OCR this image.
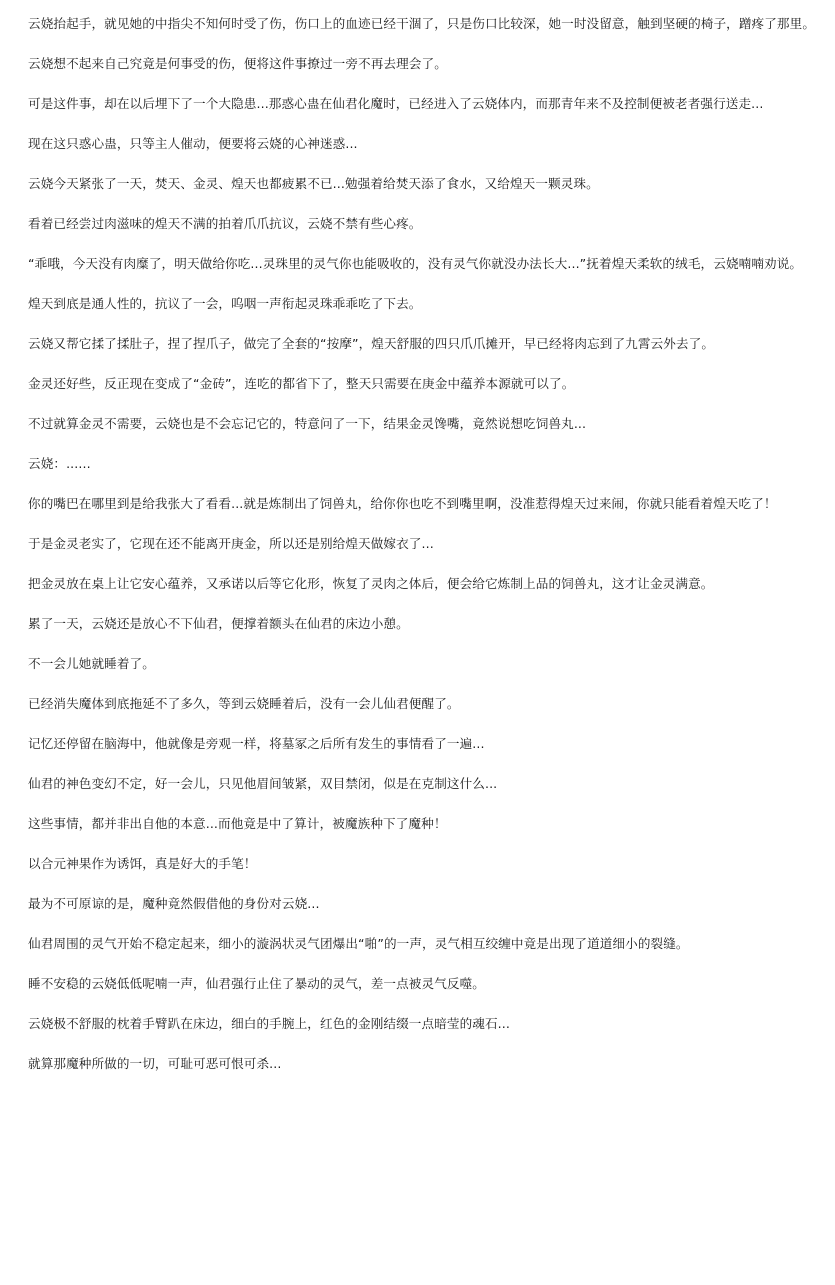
云娆抬起手，就见她的中指尖不知何时受了伤，伤口上的血迹已经干涸了，只是伤口比较深，她一时没留意，触到坚硬的椅子，蹭疼了那里。

云娆想不起来自己究竟是何事受的伤，便将这件事撩过一旁不再去理会了。

可是这件事，却在以后埋下了一个大隐患...那惑心蛊在仙君化魔时，已经进入了云娆体内，而那青年来不及控制便被老者强行送走...

现在这只惑心蛊，只等主人催动，便要将云娆的心神迷惑...

云娆今天紧张了一天，焚天、金灵、煌天也都疲累不已...勉强着给焚天添了食水，又给煌天一颗灵珠。

看着已经尝过肉滋味的煌天不满的拍着爪爪抗议，云娆不禁有些心疼。

“乖哦，今天没有肉糜了，明天做给你吃...灵珠里的灵气你也能吸收的，没有灵气你就没办法长大...”抚着煌天柔软的绒毛，云娆喃喃劝说。

煌天到底是通人性的，抗议了一会，呜咽一声衔起灵珠乖乖吃了下去。

云娆又帮它揉了揉肚子，捏了捏爪子，做完了全套的“按摩”，煌天舒服的四只爪爪摊开，早已经将肉忘到了九霄云外去了。

金灵还好些，反正现在变成了“金砖”，连吃的都省下了，整天只需要在庚金中蕴养本源就可以了。

不过就算金灵不需要，云娆也是不会忘记它的，特意问了一下，结果金灵馋嘴，竟然说想吃饲兽丸...

云娆：......

你的嘴巴在哪里到是给我张大了看看...就是炼制出了饲兽丸，给你你也吃不到嘴里啊，没准惹得煌天过来闹，你就只能看着煌天吃了！

于是金灵老实了，它现在还不能离开庚金，所以还是别给煌天做嫁衣了...

把金灵放在桌上让它安心蕴养，又承诺以后等它化形，恢复了灵肉之体后，便会给它炼制上品的饲兽丸，这才让金灵满意。

累了一天，云娆还是放心不下仙君，便撑着额头在仙君的床边小憩。

不一会儿她就睡着了。

已经消失魔体到底拖延不了多久，等到云娆睡着后，没有一会儿仙君便醒了。

记忆还停留在脑海中，他就像是旁观一样，将墓冢之后所有发生的事情看了一遍...

仙君的神色变幻不定，好一会儿，只见他眉间皱紧，双目禁闭，似是在克制这什么...

这些事情，都并非出自他的本意...而他竟是中了算计，被魔族种下了魔种！

以合元神果作为诱饵，真是好大的手笔！

最为不可原谅的是，魔种竟然假借他的身份对云娆...

仙君周围的灵气开始不稳定起来，细小的漩涡状灵气团爆出“啪”的一声，灵气相互绞缠中竟是出现了道道细小的裂缝。

睡不安稳的云娆低低呢喃一声，仙君强行止住了暴动的灵气，差一点被灵气反噬。

云娆极不舒服的枕着手臂趴在床边，细白的手腕上，红色的金刚结缀一点暗莹的魂石...

就算那魔种所做的一切，可耻可恶可恨可杀...
